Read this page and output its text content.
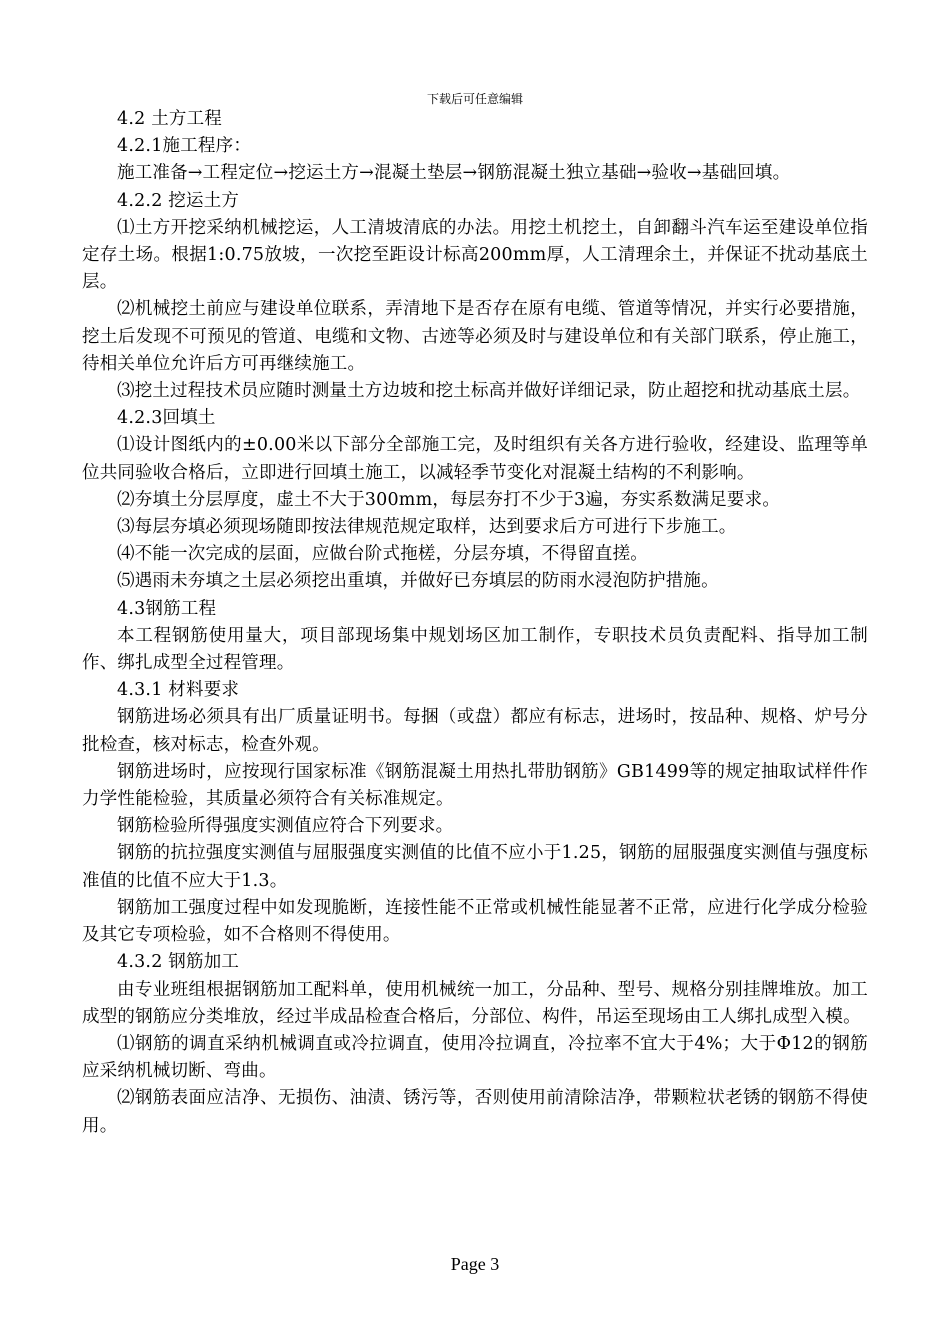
下载后可任意编辑

4.2 土方工程

4.2.1施工程序：

施工准备→工程定位→挖运土方→混凝土垫层→钢筋混凝土独立基础→验收→基础回填。

4.2.2 挖运土方

⑴土方开挖采纳机械挖运，人工清坡清底的办法。用挖土机挖土，自卸翻斗汽车运至建设单位指定存土场。根据1:0.75放坡，一次挖至距设计标高200mm厚，人工清理余土，并保证不扰动基底土层。

⑵机械挖土前应与建设单位联系，弄清地下是否存在原有电缆、管道等情况，并实行必要措施，挖土后发现不可预见的管道、电缆和文物、古迹等必须及时与建设单位和有关部门联系，停止施工，待相关单位允许后方可再继续施工。

⑶挖土过程技术员应随时测量土方边坡和挖土标高并做好详细记录，防止超挖和扰动基底土层。

4.2.3回填土

⑴设计图纸内的±0.00米以下部分全部施工完，及时组织有关各方进行验收，经建设、监理等单位共同验收合格后，立即进行回填土施工，以减轻季节变化对混凝土结构的不利影响。

⑵夯填土分层厚度，虚土不大于300mm，每层夯打不少于3遍，夯实系数满足要求。

⑶每层夯填必须现场随即按法律规范规定取样，达到要求后方可进行下步施工。

⑷不能一次完成的层面，应做台阶式拖槎，分层夯填，不得留直搓。

⑸遇雨未夯填之土层必须挖出重填，并做好已夯填层的防雨水浸泡防护措施。

4.3钢筋工程

本工程钢筋使用量大，项目部现场集中规划场区加工制作，专职技术员负责配料、指导加工制作、绑扎成型全过程管理。

4.3.1 材料要求

钢筋进场必须具有出厂质量证明书。每捆（或盘）都应有标志，进场时，按品种、规格、炉号分批检查，核对标志，检查外观。

钢筋进场时，应按现行国家标准《钢筋混凝土用热扎带肋钢筋》GB1499等的规定抽取试样件作力学性能检验，其质量必须符合有关标准规定。

钢筋检验所得强度实测值应符合下列要求。

钢筋的抗拉强度实测值与屈服强度实测值的比值不应小于1.25，钢筋的屈服强度实测值与强度标准值的比值不应大于1.3。

钢筋加工强度过程中如发现脆断，连接性能不正常或机械性能显著不正常，应进行化学成分检验及其它专项检验，如不合格则不得使用。

4.3.2 钢筋加工

由专业班组根据钢筋加工配料单，使用机械统一加工，分品种、型号、规格分别挂牌堆放。加工成型的钢筋应分类堆放，经过半成品检查合格后，分部位、构件，吊运至现场由工人绑扎成型入模。

⑴钢筋的调直采纳机械调直或冷拉调直，使用冷拉调直，冷拉率不宜大于4%；大于Φ12的钢筋应采纳机械切断、弯曲。

⑵钢筋表面应洁净、无损伤、油渍、锈污等，否则使用前清除洁净，带颗粒状老锈的钢筋不得使用。

Page 3
